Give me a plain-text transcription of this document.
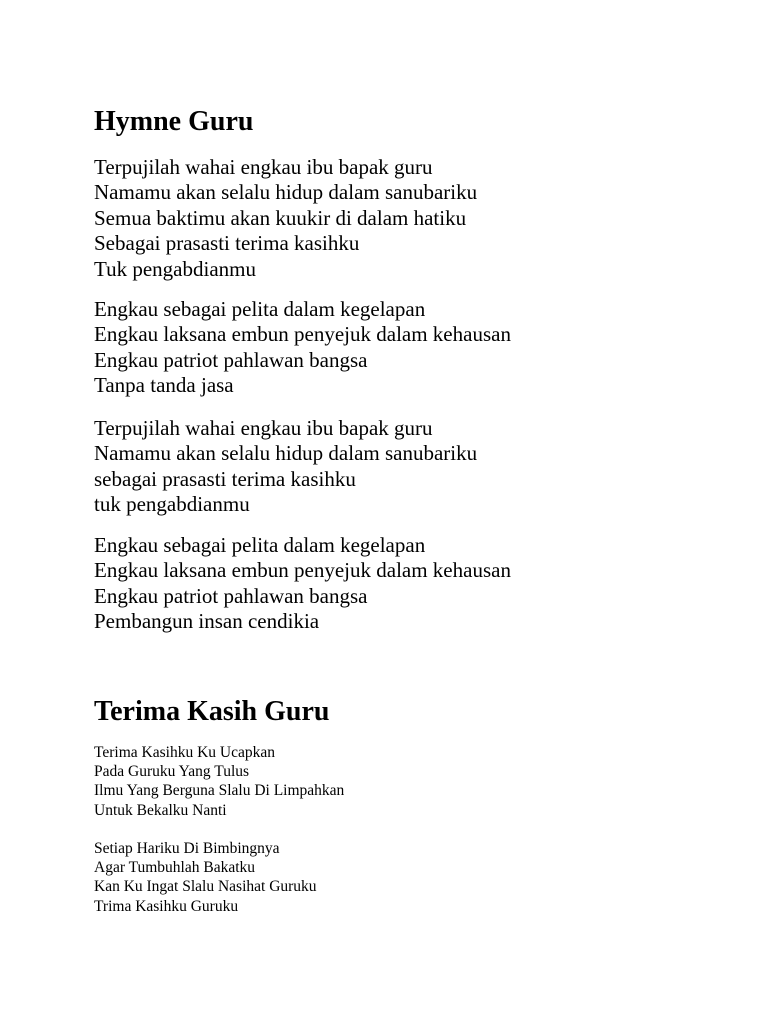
Hymne Guru
Terpujilah wahai engkau ibu bapak guru
Namamu akan selalu hidup dalam sanubariku
Semua baktimu akan kuukir di dalam hatiku
Sebagai prasasti terima kasihku
Tuk pengabdianmu
Engkau sebagai pelita dalam kegelapan
Engkau laksana embun penyejuk dalam kehausan
Engkau patriot pahlawan bangsa
Tanpa tanda jasa
Terpujilah wahai engkau ibu bapak guru
Namamu akan selalu hidup dalam sanubariku
sebagai prasasti terima kasihku
tuk pengabdianmu
Engkau sebagai pelita dalam kegelapan
Engkau laksana embun penyejuk dalam kehausan
Engkau patriot pahlawan bangsa
Pembangun insan cendikia
Terima Kasih Guru
Terima Kasihku Ku Ucapkan
Pada Guruku Yang Tulus
Ilmu Yang Berguna Slalu Di Limpahkan
Untuk Bekalku Nanti
Setiap Hariku Di Bimbingnya
Agar Tumbuhlah Bakatku
Kan Ku Ingat Slalu Nasihat Guruku
Trima Kasihku Guruku
